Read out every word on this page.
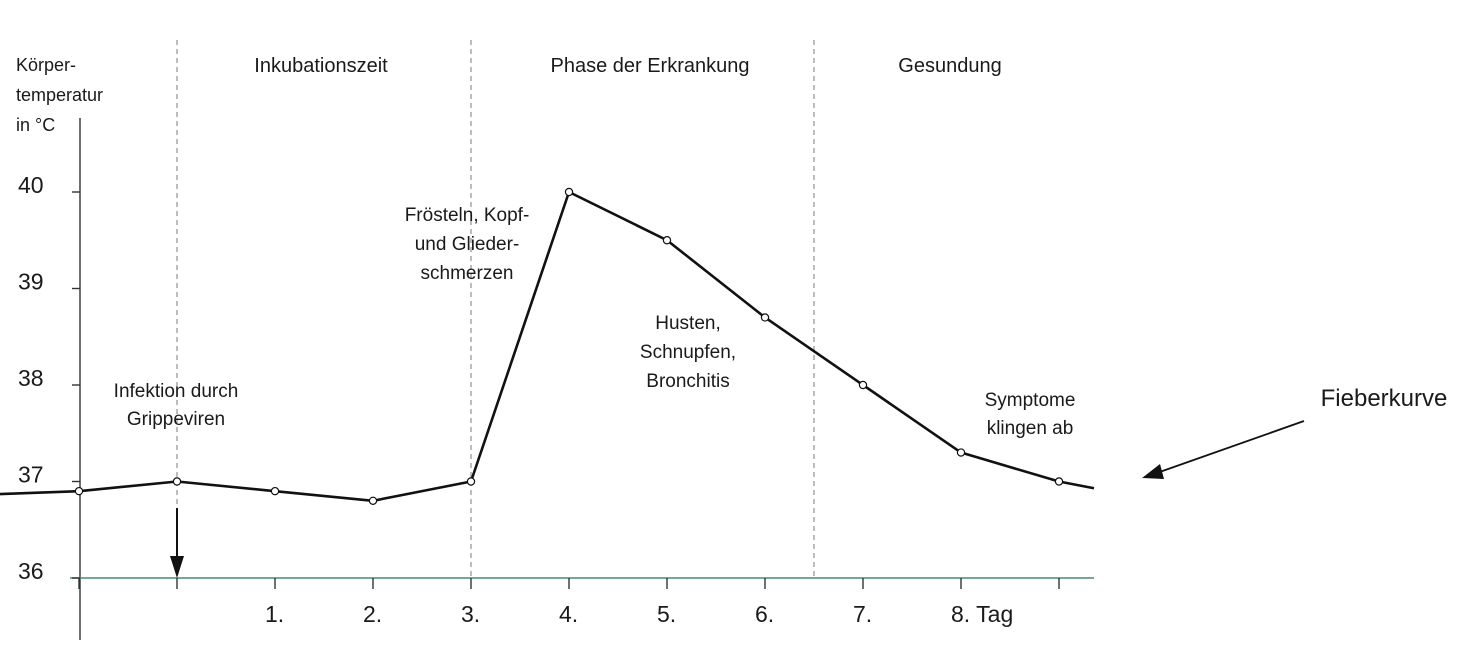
Körper-
temperatur
in °C
Inkubationszeit	Phase der Erkrankung	Gesundung
36
37
38
39
40
1.	2.	3.	4.	5.	6.	7.	8. Tag
Infektion durch
Grippeviren
Frösteln, Kopf-
und Glieder-
schmerzen
Husten,
Schnupfen,
Bronchitis
Symptome
klingen ab
Fieberkurve
